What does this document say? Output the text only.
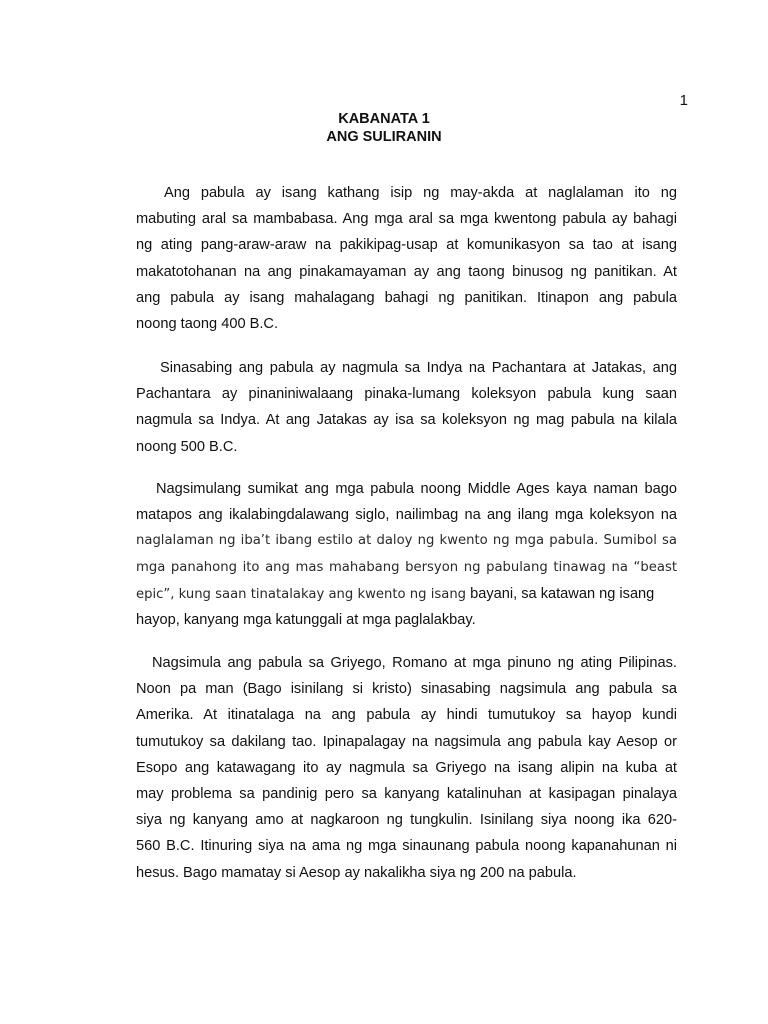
1
KABANATA 1
ANG SULIRANIN
Ang pabula ay isang kathang isip ng may-akda at naglalaman ito ng
mabuting aral sa mambabasa. Ang mga aral sa mga kwentong pabula ay bahagi
ng ating pang-araw-araw na pakikipag-usap at komunikasyon sa tao at isang
makatotohanan na ang pinakamayaman ay ang taong binusog ng panitikan. At
ang pabula ay isang mahalagang bahagi ng panitikan. Itinapon ang pabula
noong taong 400 B.C.
Sinasabing ang pabula ay nagmula sa Indya na Pachantara at Jatakas, ang
Pachantara ay pinaniniwalaang pinaka-lumang koleksyon pabula kung saan
nagmula sa Indya. At ang Jatakas ay isa sa koleksyon ng mag pabula na kilala
noong 500 B.C.
Nagsimulang sumikat ang mga pabula noong Middle Ages kaya naman bago
matapos ang ikalabingdalawang siglo, nailimbag na ang ilang mga koleksyon na
naglalaman ng iba’t ibang estilo at daloy ng kwento ng mga pabula. Sumibol sa
mga panahong ito ang mas mahabang bersyon ng pabulang tinawag na “beast
epic”, kung saan tinatalakay ang kwento ng isang bayani, sa katawan ng isang
hayop, kanyang mga katunggali at mga paglalakbay.
Nagsimula ang pabula sa Griyego, Romano at mga pinuno ng ating Pilipinas.
Noon pa man (Bago isinilang si kristo) sinasabing nagsimula ang pabula sa
Amerika. At itinatalaga na ang pabula ay hindi tumutukoy sa hayop kundi
tumutukoy sa dakilang tao. Ipinapalagay na nagsimula ang pabula kay Aesop or
Esopo ang katawagang ito ay nagmula sa Griyego na isang alipin na kuba at
may problema sa pandinig pero sa kanyang katalinuhan at kasipagan pinalaya
siya ng kanyang amo at nagkaroon ng tungkulin. Isinilang siya noong ika 620-
560 B.C. Itinuring siya na ama ng mga sinaunang pabula noong kapanahunan ni
hesus. Bago mamatay si Aesop ay nakalikha siya ng 200 na pabula.
